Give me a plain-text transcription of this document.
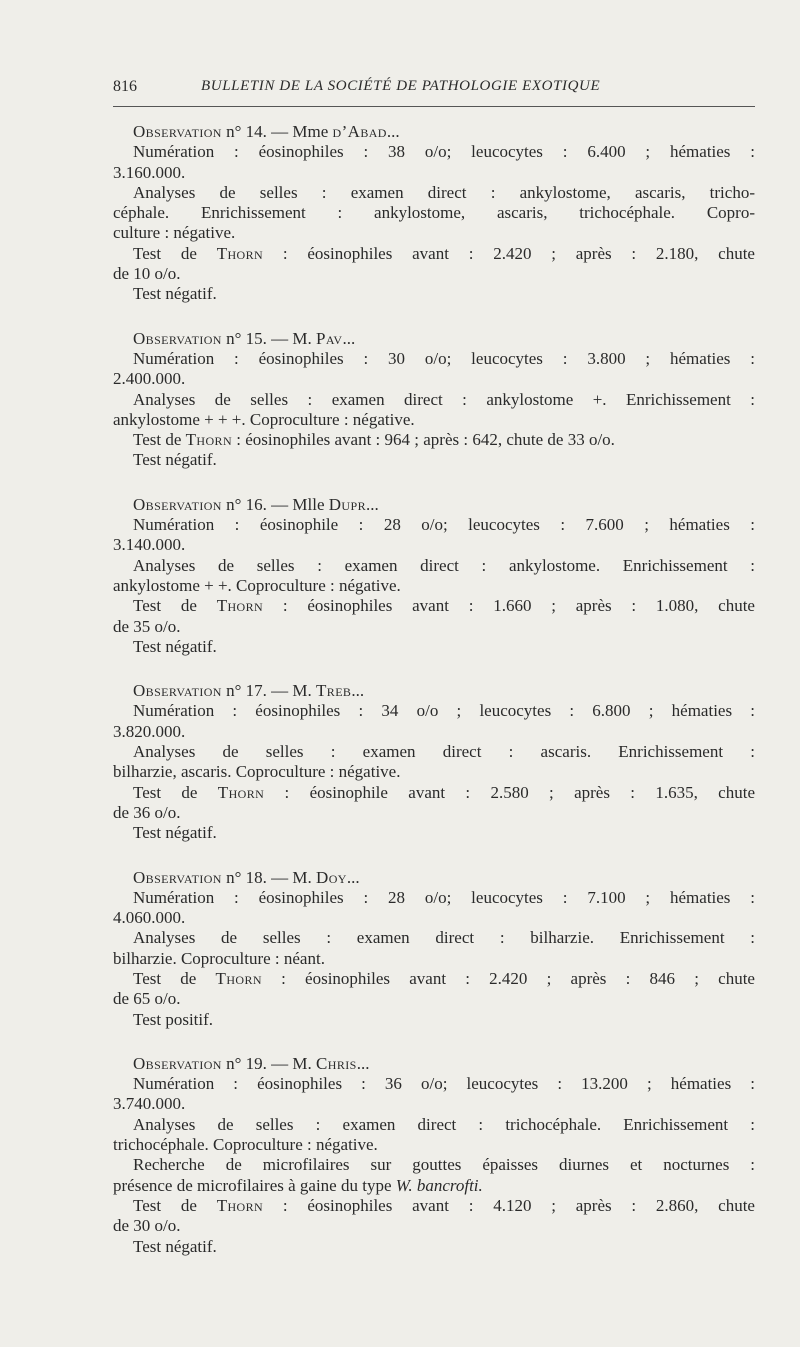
816	BULLETIN DE LA SOCIÉTÉ DE PATHOLOGIE EXOTIQUE
Observation n° 14. — Mme d’Abad...
Numération : éosinophiles : 38 o/o; leucocytes : 6.400 ; hématies :
3.160.000.
Analyses de selles : examen direct : ankylostome, ascaris, tricho-
céphale. Enrichissement : ankylostome, ascaris, trichocéphale. Copro-
culture : négative.
Test de Thorn : éosinophiles avant : 2.420 ; après : 2.180, chute
de 10 o/o.
Test négatif.
Observation n° 15. — M. Pav...
Numération : éosinophiles : 30 o/o; leucocytes : 3.800 ; hématies :
2.400.000.
Analyses de selles : examen direct : ankylostome +. Enrichissement :
ankylostome + + +. Coproculture : négative.
Test de Thorn : éosinophiles avant : 964 ; après : 642, chute de 33 o/o.
Test négatif.
Observation n° 16. — Mlle Dupr...
Numération : éosinophile : 28 o/o; leucocytes : 7.600 ; hématies :
3.140.000.
Analyses de selles : examen direct : ankylostome. Enrichissement :
ankylostome + +. Coproculture : négative.
Test de Thorn : éosinophiles avant : 1.660 ; après : 1.080, chute
de 35 o/o.
Test négatif.
Observation n° 17. — M. Treb...
Numération : éosinophiles : 34 o/o ; leucocytes : 6.800 ; hématies :
3.820.000.
Analyses de selles : examen direct : ascaris. Enrichissement :
bilharzie, ascaris. Coproculture : négative.
Test de Thorn : éosinophile avant : 2.580 ; après : 1.635, chute
de 36 o/o.
Test négatif.
Observation n° 18. — M. Doy...
Numération : éosinophiles : 28 o/o; leucocytes : 7.100 ; hématies :
4.060.000.
Analyses de selles : examen direct : bilharzie. Enrichissement :
bilharzie. Coproculture : néant.
Test de Thorn : éosinophiles avant : 2.420 ; après : 846 ; chute
de 65 o/o.
Test positif.
Observation n° 19. — M. Chris...
Numération : éosinophiles : 36 o/o; leucocytes : 13.200 ; hématies :
3.740.000.
Analyses de selles : examen direct : trichocéphale. Enrichissement :
trichocéphale. Coproculture : négative.
Recherche de microfilaires sur gouttes épaisses diurnes et nocturnes :
présence de microfilaires à gaine du type W. bancrofti.
Test de Thorn : éosinophiles avant : 4.120 ; après : 2.860, chute
de 30 o/o.
Test négatif.
